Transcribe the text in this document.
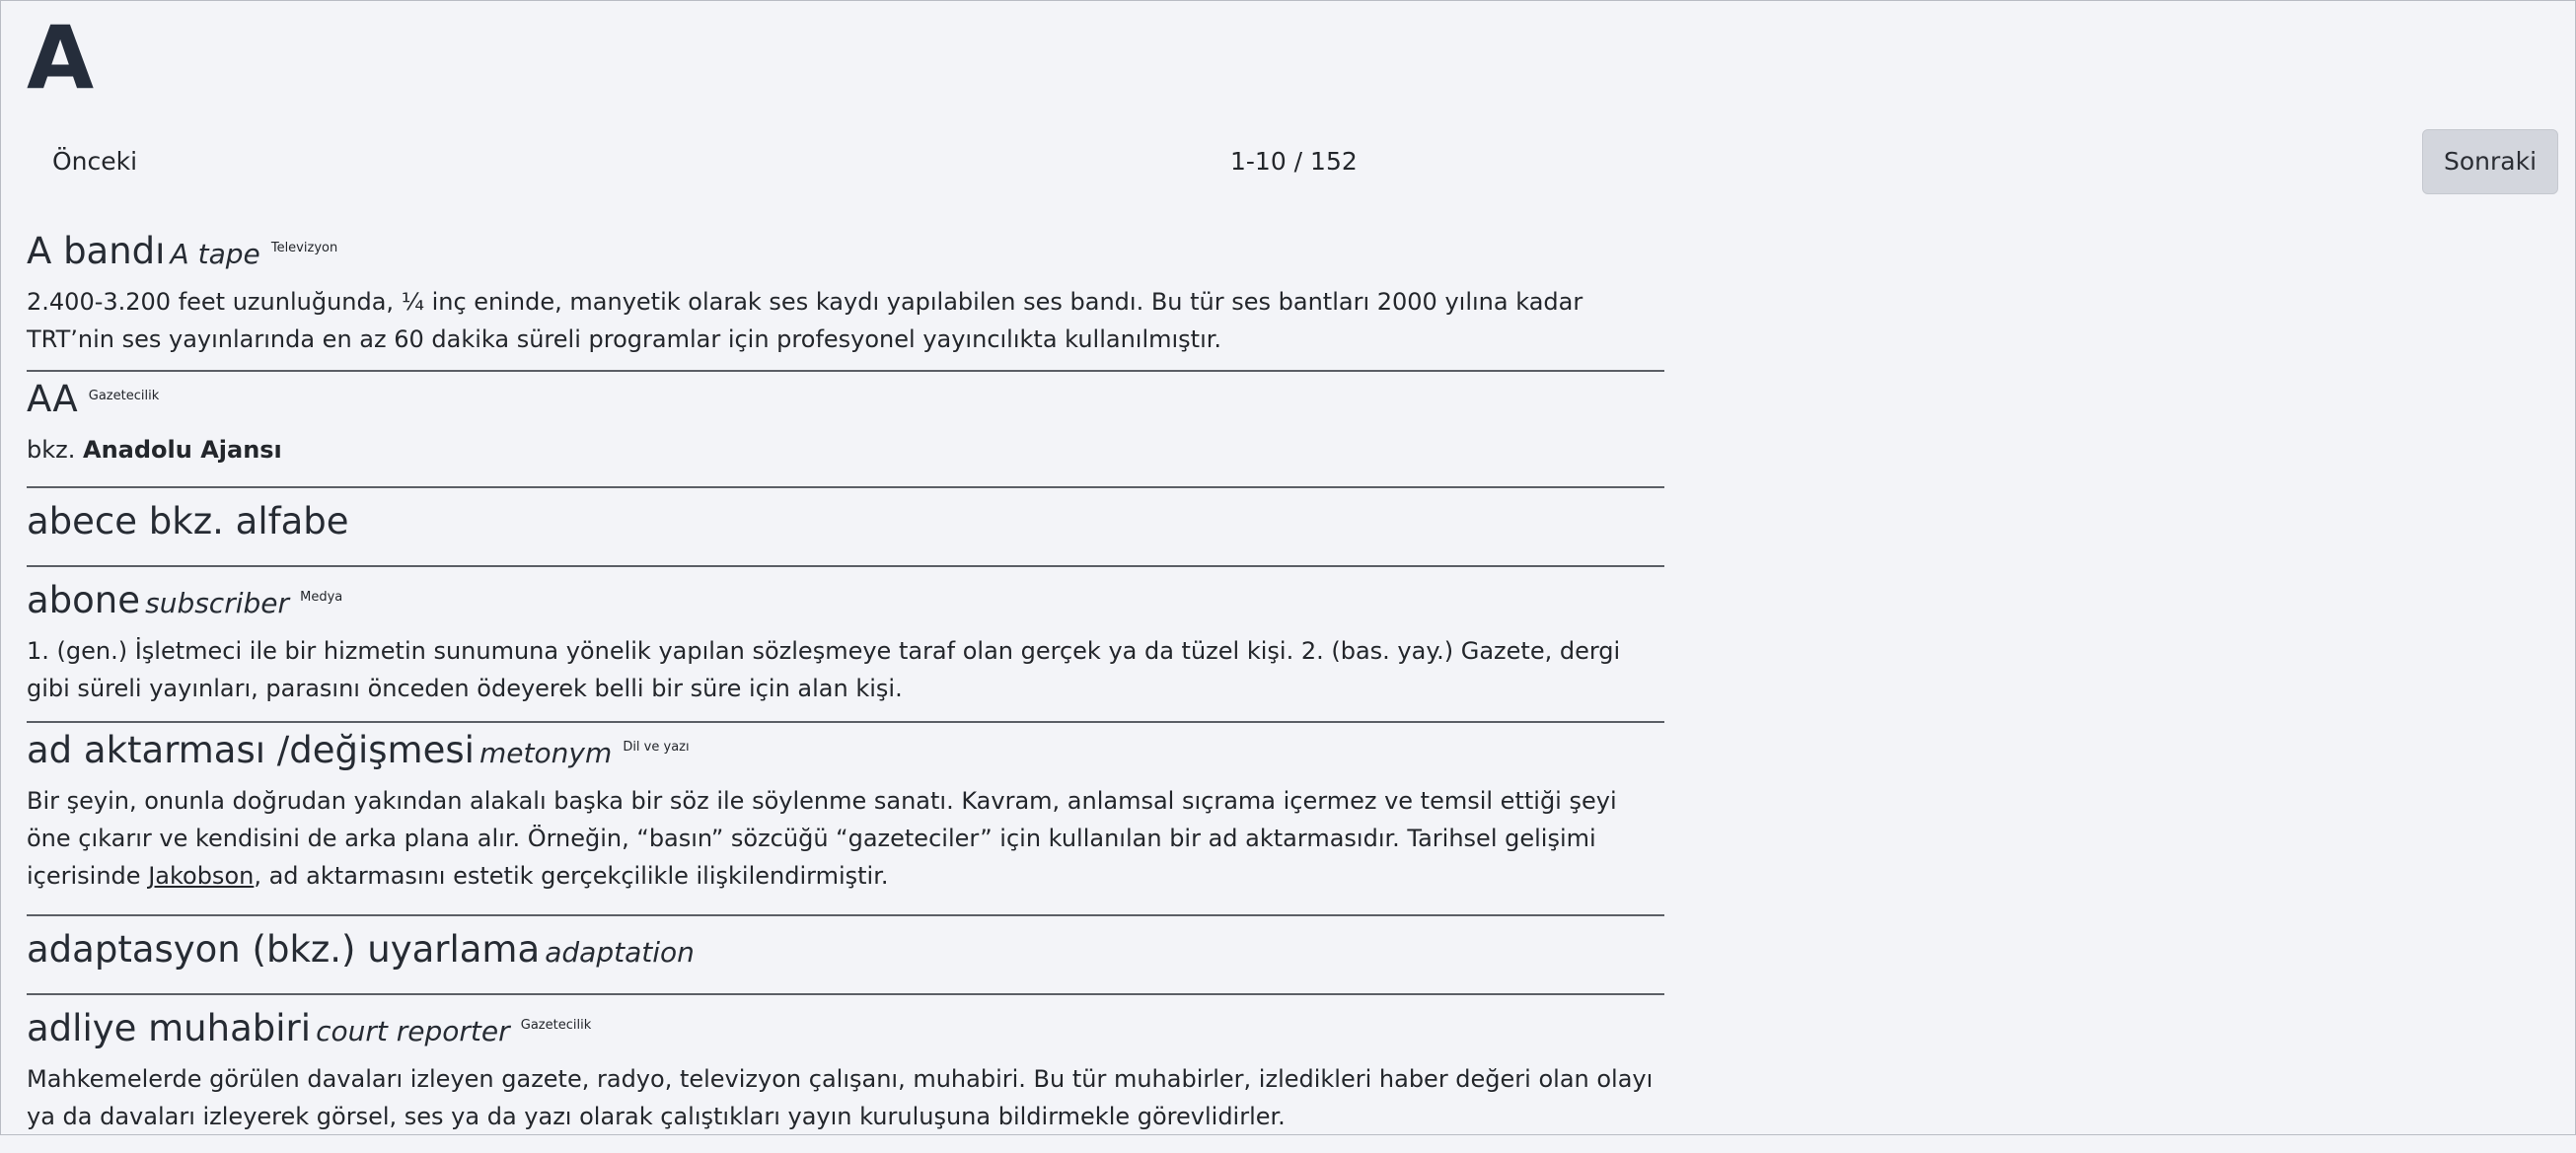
A
Önceki	1-10 / 152	Sonraki
A bandı A tape $^{Televizyon}$
2.400-3.200 feet uzunluğunda, ¼ inç eninde, manyetik olarak ses kaydı yapılabilen ses bandı. Bu tür ses bantları 2000 yılına kadar TRT’nin ses yayınlarında en az 60 dakika süreli programlar için profesyonel yayıncılıkta kullanılmıştır.
AA $^{Gazetecilik}$
bkz. Anadolu Ajansı
abece bkz. alfabe
abone subscriber $^{Medya}$
1. (gen.) İşletmeci ile bir hizmetin sunumuna yönelik yapılan sözleşmeye taraf olan gerçek ya da tüzel kişi. 2. (bas. yay.) Gazete, dergi gibi süreli yayınları, parasını önceden ödeyerek belli bir süre için alan kişi.
ad aktarması /değişmesi metonym $^{Dil ve yazı}$
Bir şeyin, onunla doğrudan yakından alakalı başka bir söz ile söylenme sanatı. Kavram, anlamsal sıçrama içermez ve temsil ettiği şeyi öne çıkarır ve kendisini de arka plana alır. Örneğin, “basın” sözcüğü “gazeteciler” için kullanılan bir ad aktarmasıdır. Tarihsel gelişimi içerisinde Jakobson, ad aktarmasını estetik gerçekçilikle ilişkilendirmiştir.
adaptasyon (bkz.) uyarlama adaptation
adliye muhabiri court reporter $^{Gazetecilik}$
Mahkemelerde görülen davaları izleyen gazete, radyo, televizyon çalışanı, muhabiri. Bu tür muhabirler, izledikleri haber değeri olan olayı ya da davaları izleyerek görsel, ses ya da yazı olarak çalıştıkları yayın kuruluşuna bildirmekle görevlidirler.
